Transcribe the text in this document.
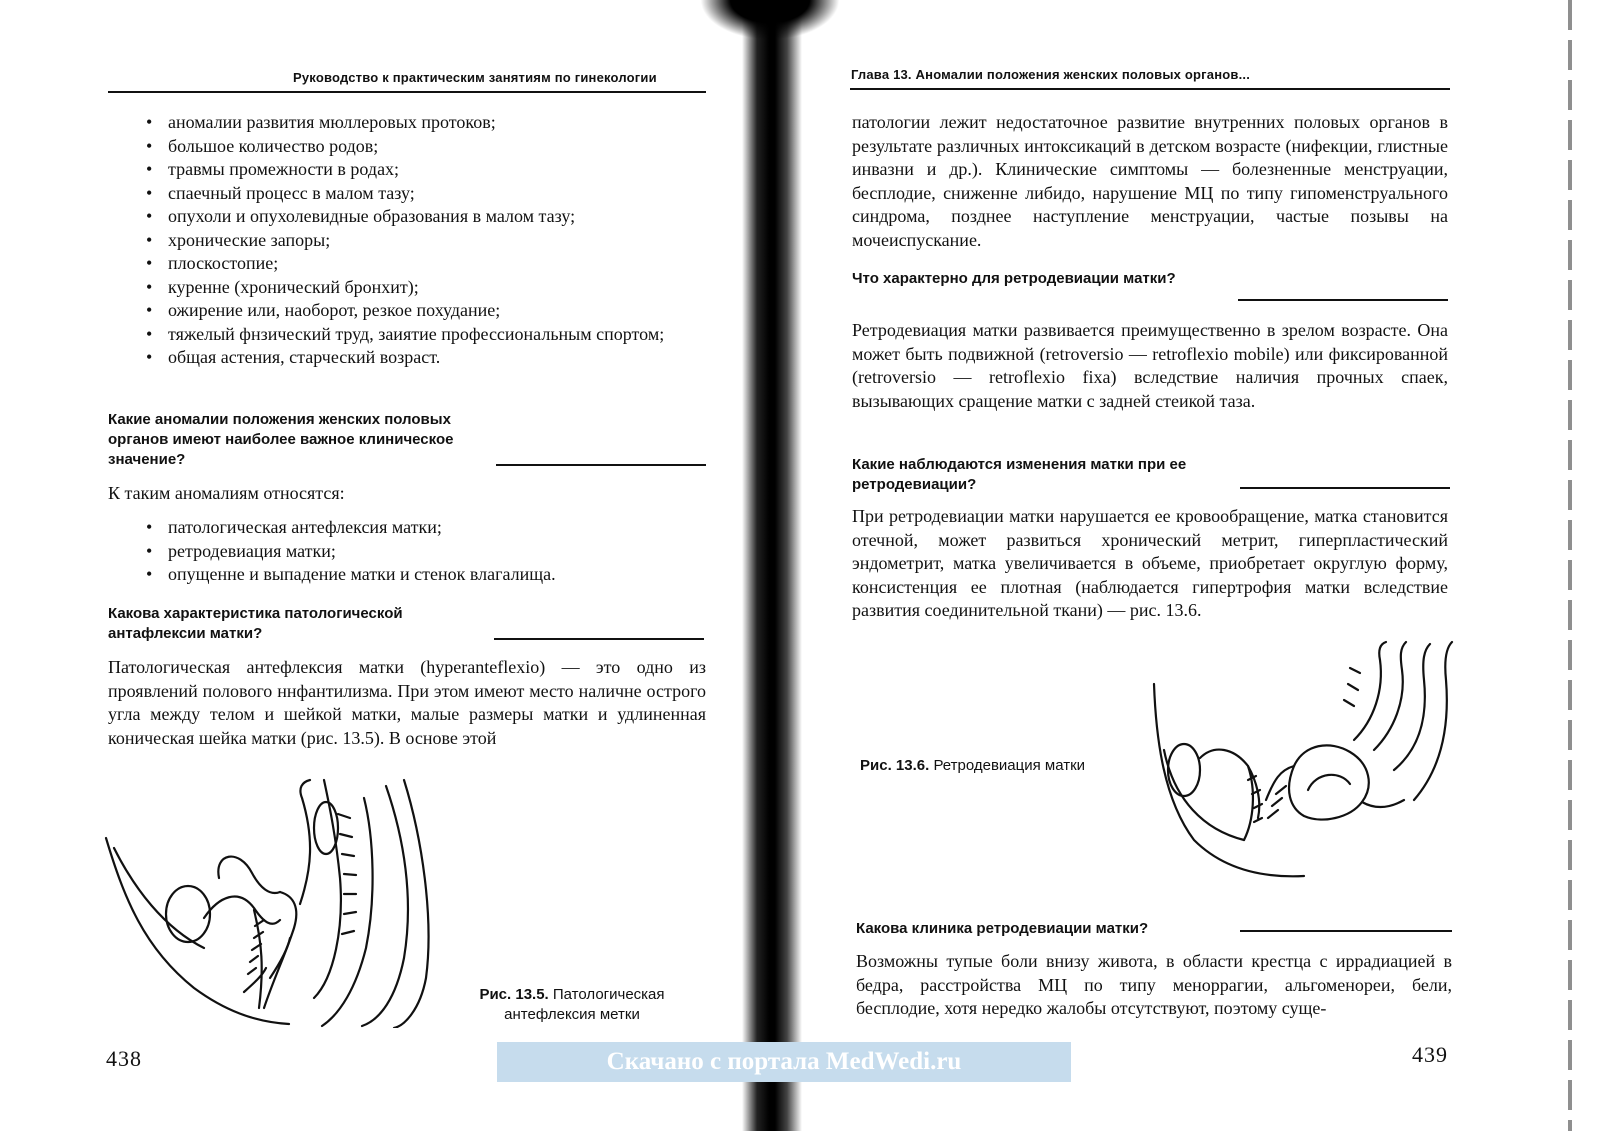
Руководство к практическим занятиям по гинекологии
• аномалии развития мюллеровых протоков;
• большое количество родов;
• травмы промежности в родах;
• спаечный процесс в малом тазу;
• опухоли и опухолевидные образования в малом тазу;
• хронические запоры;
• плоскостопие;
• куренне (хронический бронхит);
• ожирение или, наоборот, резкое похудание;
• тяжелый фнзический труд, заиятие профессиональным спортом;
• общая астения, старческий возраст.
Какие аномалии положения женских половых органов имеют наиболее важное клиническое значение?

К таким аномалиям относятся:

• патологическая антефлексия матки;
• ретродевиация матки;
• опущенне и выпадение матки и стенок влагалища.
Какова характеристика патологической антафлексии матки?

Патологическая антефлексия матки (hyperanteflexio) — это одно из проявлений полового ннфантилизма. При этом имеют место наличне острого угла между телом и шейкой матки, малые размеры матки и удлиненная коническая шейка матки (рис. 13.5). В основе этой

Рис. 13.5. Патологическая антефлексия метки
438
Глава 13. Аномалии положения женских половых органов...

патологии лежит недостаточное развитие внутренних половых органов в результате различных интоксикаций в детском возрасте (нифекции, глистные инвазни и др.). Клинические симптомы — болезненные менструации, бесплодие, сниженне либидо, нарушение МЦ по типу гипоменструального синдрома, позднее наступление менструации, частые позывы на мочеиспускание.

Что характерно для ретродевиации матки?

Ретродевиация матки развивается преимущественно в зрелом возрасте. Она может быть подвижной (retroversio — retroflexio mobile) или фиксированной (retroversio — retroflexio fixa) вследствие наличия прочных спаек, вызывающих сращение матки с задней стеикой таза.

Какие наблюдаются изменения матки при ее ретродевиации?

При ретродевиации матки нарушается ее кровообращение, матка становится отечной, может развиться хронический метрит, гиперпластический эндометрит, матка увеличивается в объеме, приобретает округлую форму, консистенция ее плотная (наблюдается гипертрофия матки вследствие развития соединительной ткани) — рис. 13.6.

Рис. 13.6. Ретродевиация матки
Какова клиника ретродевиации матки?

Возможны тупые боли внизу живота, в области крестца с иррадиацией в бедра, расстройства МЦ по типу меноррагии, альгоменореи, бели, бесплодие, хотя нередко жалобы отсутствуют, поэтому суще-

439
Скачано с портала MedWedi.ru
